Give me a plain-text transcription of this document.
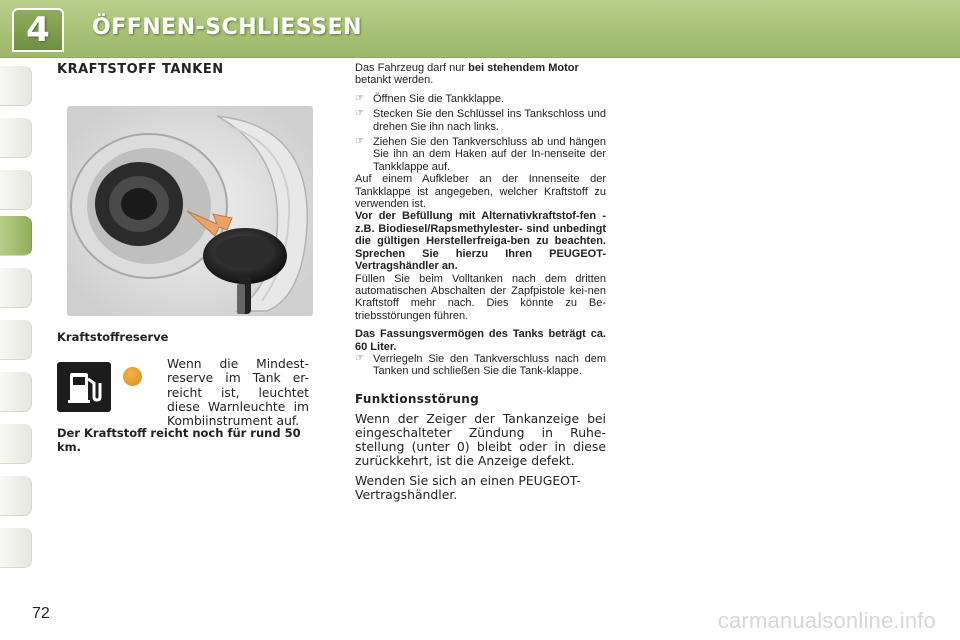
4 ÖFFNEN-SCHLIESSEN
KRAFTSTOFF TANKEN
Kraftstoffreserve
Wenn die Mindest-reserve im Tank er-reicht ist, leuchtet diese Warnleuchte im Kombiinstrument auf.
Der Kraftstoff reicht noch für rund 50 km.
Das Fahrzeug darf nur bei stehendem Motor
betankt werden.
☞ Öffnen Sie die Tankklappe.
☞ Stecken Sie den Schlüssel ins Tankschloss und drehen Sie ihn nach links.
☞ Ziehen Sie den Tankverschluss ab und hängen Sie ihn an dem Haken auf der In-nenseite der Tankklappe auf.
Auf einem Aufkleber an der Innenseite der Tankklappe ist angegeben, welcher Kraftstoff zu verwenden ist.
Vor der Befüllung mit Alternativkraftstof-fen -z.B. Biodiesel/Rapsmethylester- sind unbedingt die gültigen Herstellerfreiga-ben zu beachten. Sprechen Sie hierzu Ihren PEUGEOT-Vertragshändler an.
Füllen Sie beim Volltanken nach dem dritten automatischen Abschalten der Zapfpistole kei-nen Kraftstoff mehr nach. Dies könnte zu Be-triebsstörungen führen.
Das Fassungsvermögen des Tanks beträgt ca. 60 Liter.
☞ Verriegeln Sie den Tankverschluss nach dem Tanken und schließen Sie die Tank-klappe.
Funktionsstörung
Wenn der Zeiger der Tankanzeige bei eingeschalteter Zündung in Ruhe-stellung (unter 0) bleibt oder in diese zurückkehrt, ist die Anzeige defekt.
Wenden Sie sich an einen PEUGEOT-Vertragshändler.
72	carmanualsonline.info
